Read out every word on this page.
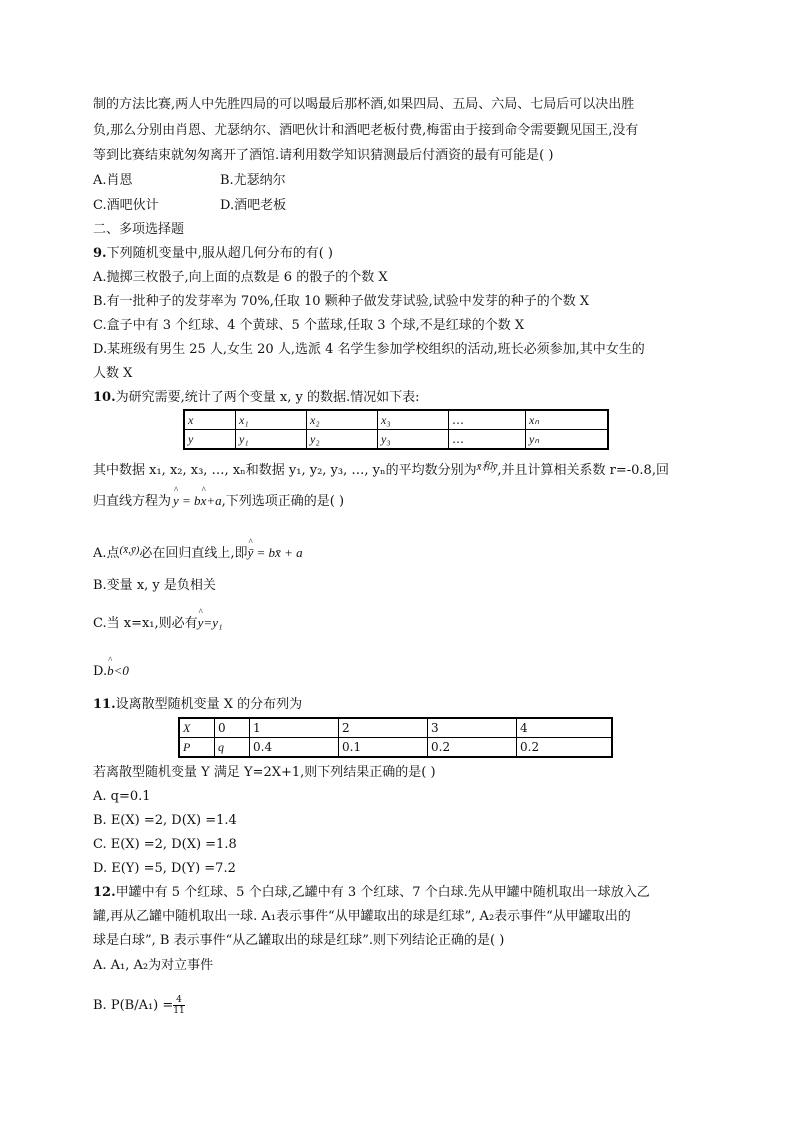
制的方法比赛,两人中先胜四局的可以喝最后那杯酒,如果四局、五局、六局、七局后可以决出胜
负,那么分别由肖恩、尤瑟纳尔、酒吧伙计和酒吧老板付费,梅雷由于接到命令需要觐见国王,没有
等到比赛结束就匆匆离开了酒馆.请利用数学知识猜测最后付酒资的最有可能是( )
A.肖恩	B.尤瑟纳尔
C.酒吧伙计	D.酒吧老板
二、多项选择题
9.下列随机变量中,服从超几何分布的有( )
A.抛掷三枚骰子,向上面的点数是 6 的骰子的个数 X
B.有一批种子的发芽率为 70%,任取 10 颗种子做发芽试验,试验中发芽的种子的个数 X
C.盒子中有 3 个红球、4 个黄球、5 个蓝球,任取 3 个球,不是红球的个数 X
D.某班级有男生 25 人,女生 20 人,选派 4 名学生参加学校组织的活动,班长必须参加,其中女生的
人数 X
10.为研究需要,统计了两个变量 x, y 的数据.情况如下表:
x	x₁	x₂	x₃	…	xₙ
y	y₁	y₂	y₃	…	yₙ
其中数据 x₁, x₂, x₃, …, xₙ和数据 y₁, y₂, y₃, …, yₙ的平均数分别为$^{x̄和ȳ}$,并且计算相关系数 r=-0.8,回
归直线方程为 ^ y = b^ x+a,下列选项正确的是( )
A.点$^{(x̄,ȳ)}$必在回归直线上,即^ ȳ = bx̄ + a
B.变量 x, y 是负相关
C.当 x=x₁,则必有^ y=y₁
D.^ b<0
11.设离散型随机变量 X 的分布列为
X	0	1	2	3	4
P	q	0.4	0.1	0.2	0.2
若离散型随机变量 Y 满足 Y=2X+1,则下列结果正确的是( )
A. q=0.1
B. E(X) =2, D(X) =1.4
C. E(X) =2, D(X) =1.8
D. E(Y) =5, D(Y) =7.2
12.甲罐中有 5 个红球、5 个白球,乙罐中有 3 个红球、7 个白球.先从甲罐中随机取出一球放入乙
罐,再从乙罐中随机取出一球. A₁表示事件“从甲罐取出的球是红球”, A₂表示事件“从甲罐取出的
球是白球”, B 表示事件“从乙罐取出的球是红球”.则下列结论正确的是( )
A. A₁, A₂为对立事件
B. $P(B/A_1) = \frac{4}{11}$
